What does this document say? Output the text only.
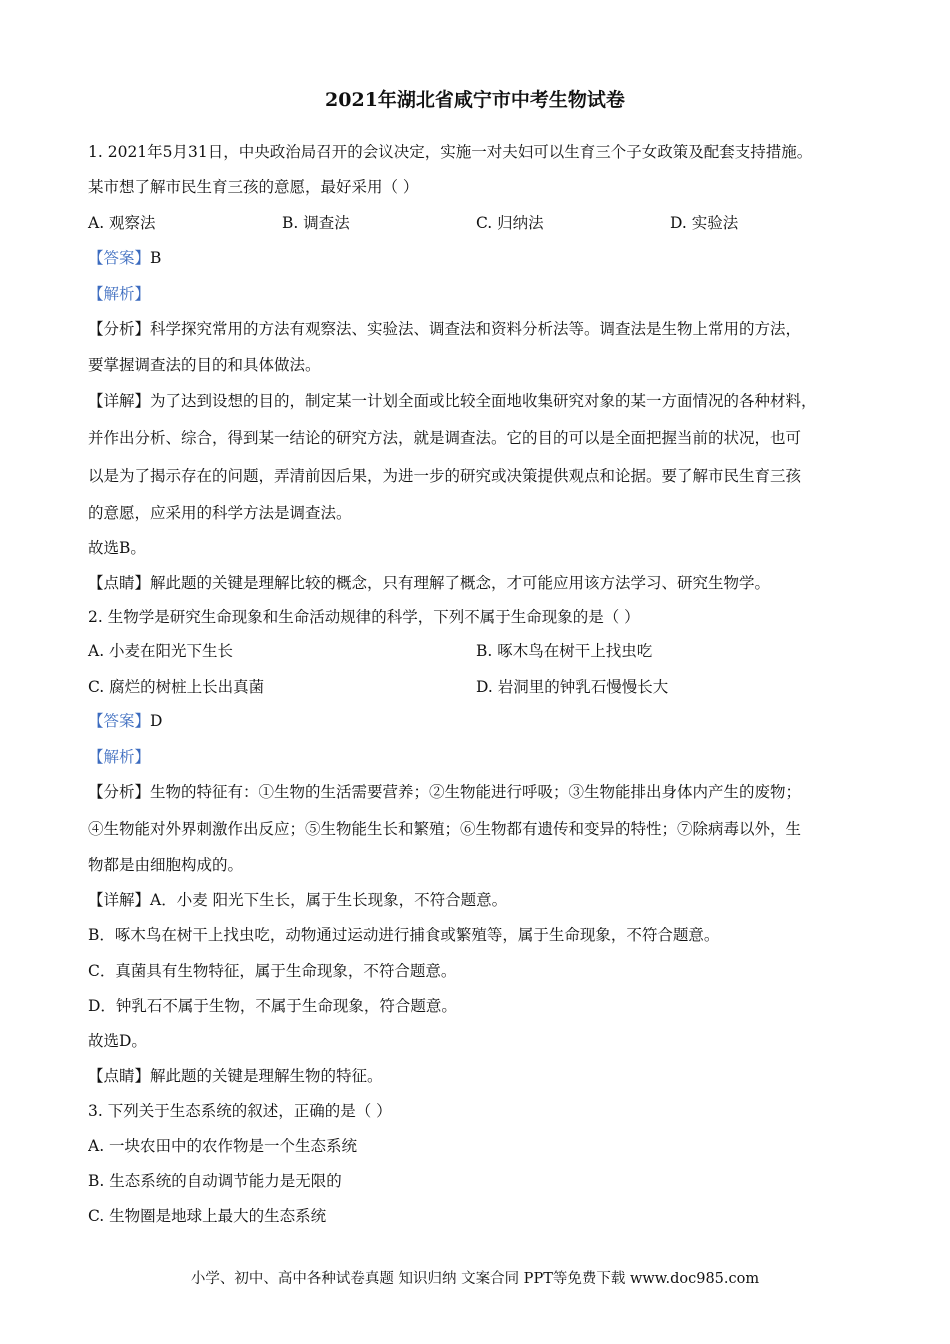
2021年湖北省咸宁市中考生物试卷
1. 2021年5月31日，中央政治局召开的会议决定，实施一对夫妇可以生育三个子女政策及配套支持措施。
某市想了解市民生育三孩的意愿，最好采用（ ）
A. 观察法	B. 调查法	C. 归纳法	D. 实验法
【答案】B
【解析】
【分析】科学探究常用的方法有观察法、实验法、调查法和资料分析法等。调查法是生物上常用的方法，
要掌握调查法的目的和具体做法。
【详解】为了达到设想的目的，制定某一计划全面或比较全面地收集研究对象的某一方面情况的各种材料，
并作出分析、综合，得到某一结论的研究方法，就是调查法。它的目的可以是全面把握当前的状况，也可
以是为了揭示存在的问题，弄清前因后果，为进一步的研究或决策提供观点和论据。要了解市民生育三孩
的意愿，应采用的科学方法是调查法。
故选B。
【点睛】解此题的关键是理解比较的概念，只有理解了概念，才可能应用该方法学习、研究生物学。
2. 生物学是研究生命现象和生命活动规律的科学，下列不属于生命现象的是（ ）
A. 小麦在阳光下生长	B. 啄木鸟在树干上找虫吃
C. 腐烂的树桩上长出真菌	D. 岩洞里的钟乳石慢慢长大
【答案】D
【解析】
【分析】生物的特征有：①生物的生活需要营养；②生物能进行呼吸；③生物能排出身体内产生的废物；
④生物能对外界刺激作出反应；⑤生物能生长和繁殖；⑥生物都有遗传和变异的特性；⑦除病毒以外，生
物都是由细胞构成的。
【详解】A．小麦 阳光下生长，属于生长现象，不符合题意。
B．啄木鸟在树干上找虫吃，动物通过运动进行捕食或繁殖等，属于生命现象，不符合题意。
C．真菌具有生物特征，属于生命现象，不符合题意。
D．钟乳石不属于生物，不属于生命现象，符合题意。
故选D。
【点睛】解此题的关键是理解生物的特征。
3. 下列关于生态系统的叙述，正确的是（ ）
A. 一块农田中的农作物是一个生态系统
B. 生态系统的自动调节能力是无限的
C. 生物圈是地球上最大的生态系统
小学、初中、高中各种试卷真题 知识归纳 文案合同 PPT等免费下载 www.doc985.com
